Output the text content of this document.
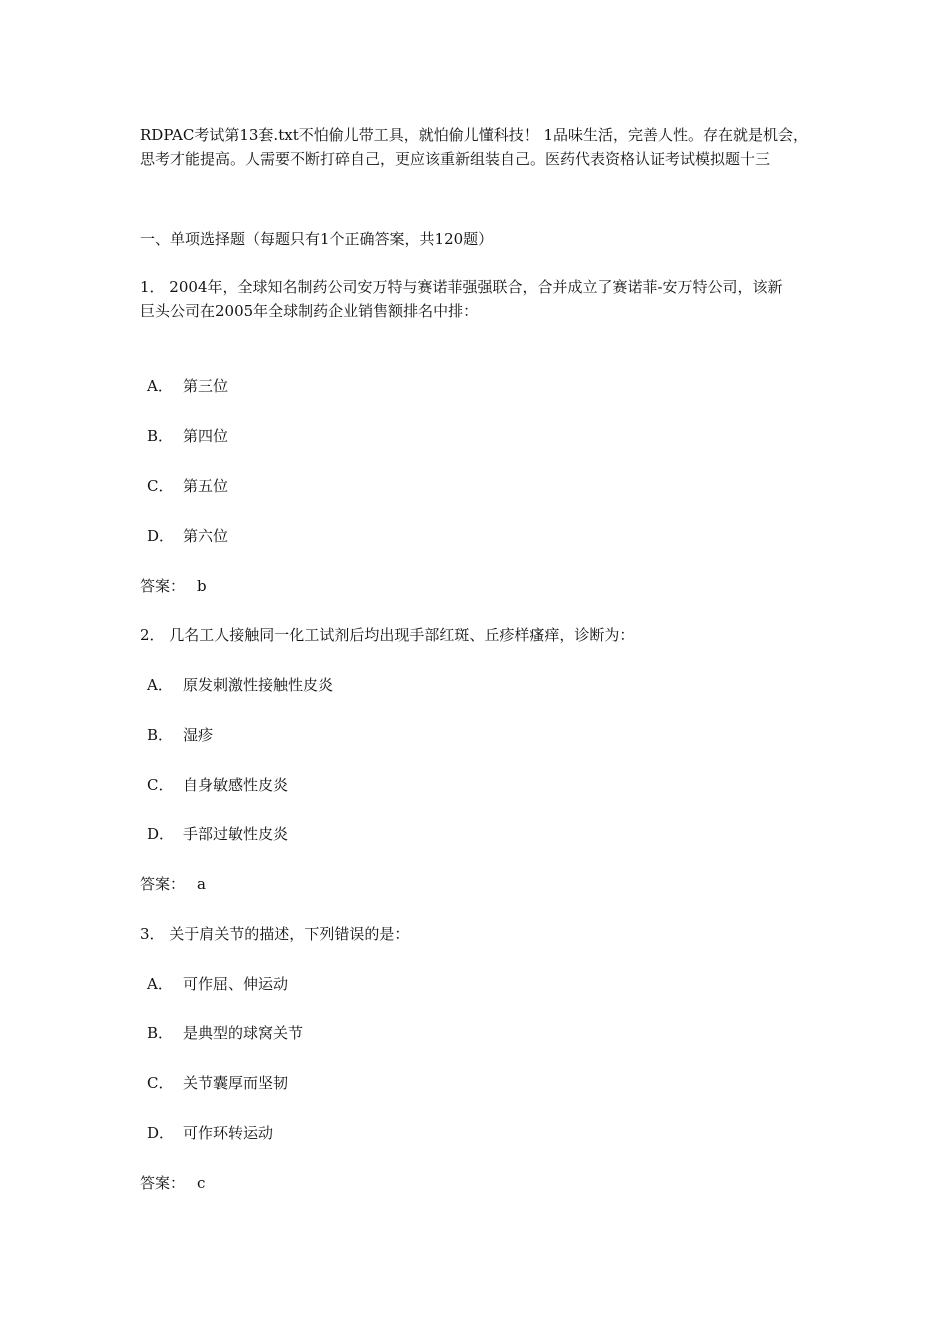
RDPAC考试第13套.txt不怕偷儿带工具，就怕偷儿懂科技！ 1品味生活，完善人性。存在就是机会，思考才能提高。人需要不断打碎自己，更应该重新组装自己。医药代表资格认证考试模拟题十三
一、单项选择题（每题只有1个正确答案，共120题）
1． 2004年，全球知名制药公司安万特与赛诺菲强强联合，合并成立了赛诺菲-安万特公司，该新
巨头公司在2005年全球制药企业销售额排名中排：
A． 第三位
B． 第四位
C． 第五位
D． 第六位
答案： b
2． 几名工人接触同一化工试剂后均出现手部红斑、丘疹样瘙痒，诊断为：
A． 原发刺激性接触性皮炎
B． 湿疹
C． 自身敏感性皮炎
D． 手部过敏性皮炎
答案： a
3． 关于肩关节的描述，下列错误的是：
A． 可作屈、伸运动
B． 是典型的球窝关节
C． 关节囊厚而坚韧
D． 可作环转运动
答案： c
